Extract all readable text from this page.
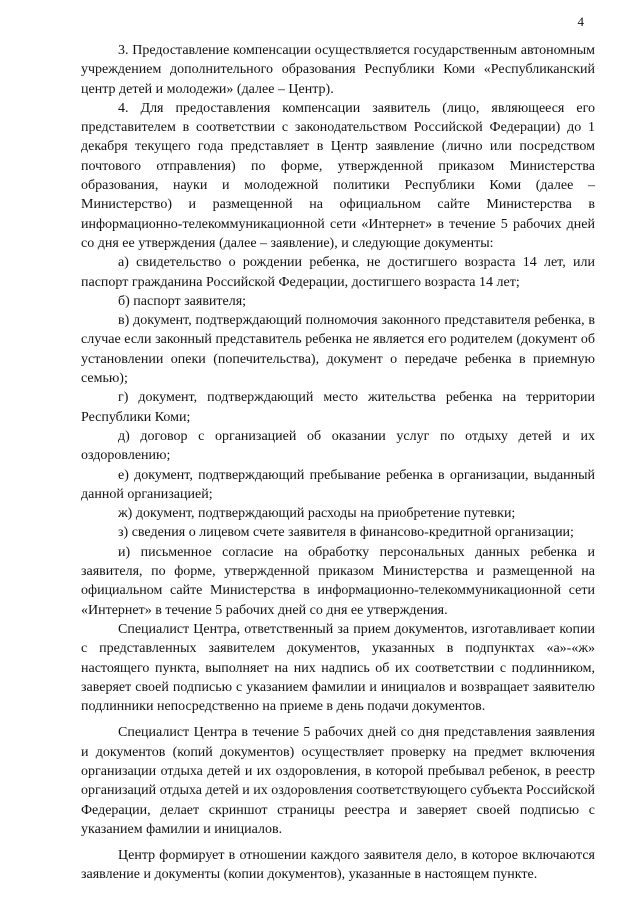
4

3. Предоставление компенсации осуществляется государственным автономным учреждением дополнительного образования Республики Коми «Республиканский центр детей и молодежи» (далее – Центр).

4. Для предоставления компенсации заявитель (лицо, являющееся его представителем в соответствии с законодательством Российской Федерации) до 1 декабря текущего года представляет в Центр заявление (лично или посредством почтового отправления) по форме, утвержденной приказом Министерства образования, науки и молодежной политики Республики Коми (далее – Министерство) и размещенной на официальном сайте Министерства в информационно-телекоммуникационной сети «Интернет» в течение 5 рабочих дней со дня ее утверждения (далее – заявление), и следующие документы:

а) свидетельство о рождении ребенка, не достигшего возраста 14 лет, или паспорт гражданина Российской Федерации, достигшего возраста 14 лет;

б) паспорт заявителя;

в) документ, подтверждающий полномочия законного представителя ребенка, в случае если законный представитель ребенка не является его родителем (документ об установлении опеки (попечительства), документ о передаче ребенка в приемную семью);

г) документ, подтверждающий место жительства ребенка на территории Республики Коми;

д) договор с организацией об оказании услуг по отдыху детей и их оздоровлению;

е) документ, подтверждающий пребывание ребенка в организации, выданный данной организацией;

ж) документ, подтверждающий расходы на приобретение путевки;

з) сведения о лицевом счете заявителя в финансово-кредитной организации;

и) письменное согласие на обработку персональных данных ребенка и заявителя, по форме, утвержденной приказом Министерства и размещенной на официальном сайте Министерства в информационно-телекоммуникационной сети «Интернет» в течение 5 рабочих дней со дня ее утверждения.

Специалист Центра, ответственный за прием документов, изготавливает копии с представленных заявителем документов, указанных в подпунктах «а»-«ж» настоящего пункта, выполняет на них надпись об их соответствии с подлинником, заверяет своей подписью с указанием фамилии и инициалов и возвращает заявителю подлинники непосредственно на приеме в день подачи документов.

Специалист Центра в течение 5 рабочих дней со дня представления заявления и документов (копий документов) осуществляет проверку на предмет включения организации отдыха детей и их оздоровления, в которой пребывал ребенок, в реестр организаций отдыха детей и их оздоровления соответствующего субъекта Российской Федерации, делает скриншот страницы реестра и заверяет своей подписью с указанием фамилии и инициалов.

Центр формирует в отношении каждого заявителя дело, в которое включаются заявление и документы (копии документов), указанные в настоящем пункте.
